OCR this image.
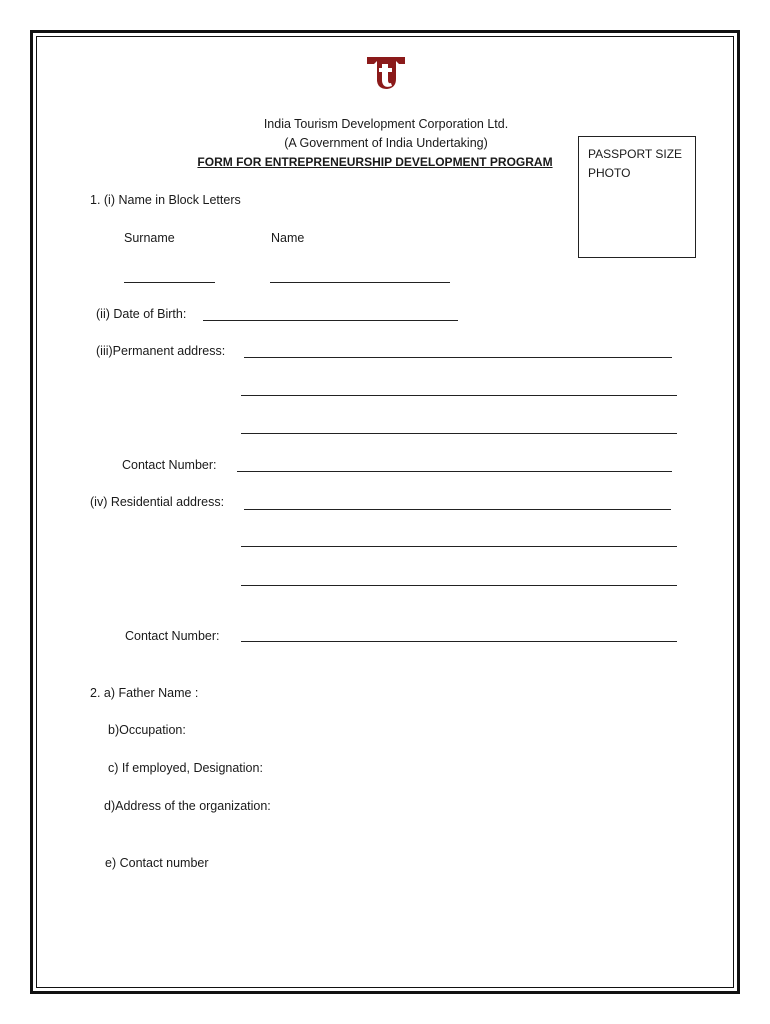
India Tourism Development Corporation Ltd.
(A Government of India Undertaking)
FORM FOR ENTREPRENEURSHIP DEVELOPMENT PROGRAM
PASSPORT SIZE
PHOTO
1. (i) Name in Block Letters
Surname	Name
(ii) Date of Birth:
(iii)Permanent address:
Contact Number:
(iv) Residential address:
Contact Number:
2. a) Father Name :
b)Occupation:
c) If employed, Designation:
d)Address of the organization:
e) Contact number
